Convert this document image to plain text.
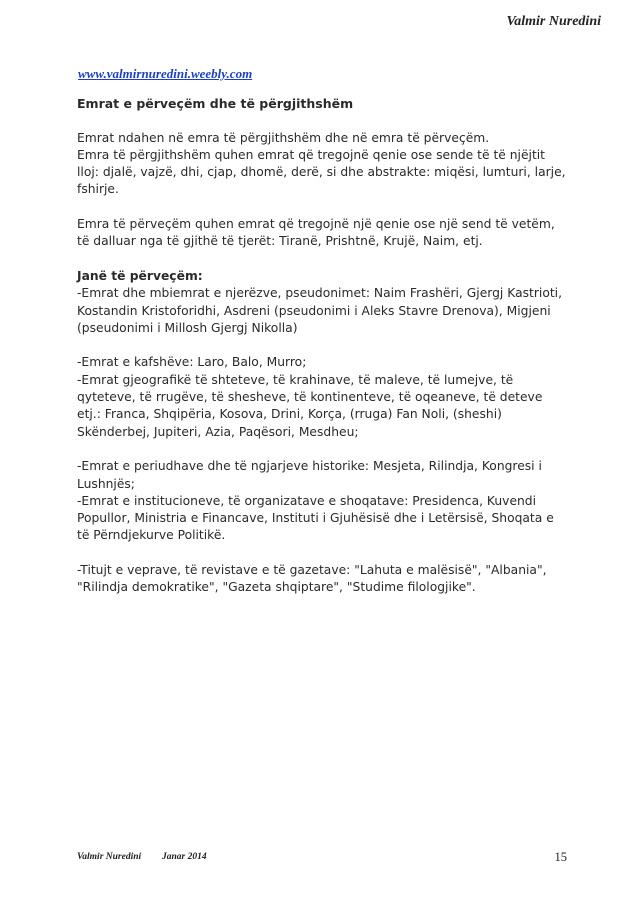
Valmir Nuredini
www.valmirnuredini.weebly.com
Emrat e përveçëm dhe të përgjithshëm

Emrat ndahen në emra të përgjithshëm dhe në emra të përveçëm.
Emra të përgjithshëm quhen emrat që tregojnë qenie ose sende të të njëjtit lloj: djalë, vajzë, dhi, cjap, dhomë, derë, si dhe abstrakte: miqësi, lumturi, larje, fshirje.

Emra të përveçëm quhen emrat që tregojnë një qenie ose një send të vetëm, të dalluar nga të gjithë të tjerët: Tiranë, Prishtnë, Krujë, Naim, etj.

Janë të përveçëm:
-Emrat dhe mbiemrat e njerëzve, pseudonimet: Naim Frashëri, Gjergj Kastrioti, Kostandin Kristoforidhi, Asdreni (pseudonimi i Aleks Stavre Drenova), Migjeni (pseudonimi i Millosh Gjergj Nikolla)

-Emrat e kafshëve: Laro, Balo, Murro;
-Emrat gjeografikë të shteteve, të krahinave, të maleve, të lumejve, të qyteteve, të rrugëve, të shesheve, të kontinenteve, të oqeaneve, të deteve etj.: Franca, Shqipëria, Kosova, Drini, Korça, (rruga) Fan Noli, (sheshi) Skënderbej, Jupiteri, Azia, Paqësori, Mesdheu;

-Emrat e periudhave dhe të ngjarjeve historike: Mesjeta, Rilindja, Kongresi i Lushnjës;
-Emrat e institucioneve, të organizatave e shoqatave: Presidenca, Kuvendi Popullor, Ministria e Financave, Instituti i Gjuhësisë dhe i Letërsisë, Shoqata e të Përndjekurve Politikë.

-Titujt e veprave, të revistave e të gazetave: "Lahuta e malësisë", "Albania", "Rilindja demokratike", "Gazeta shqiptare", "Studime filologjike".

Valmir Nuredini Janar 2014	15
